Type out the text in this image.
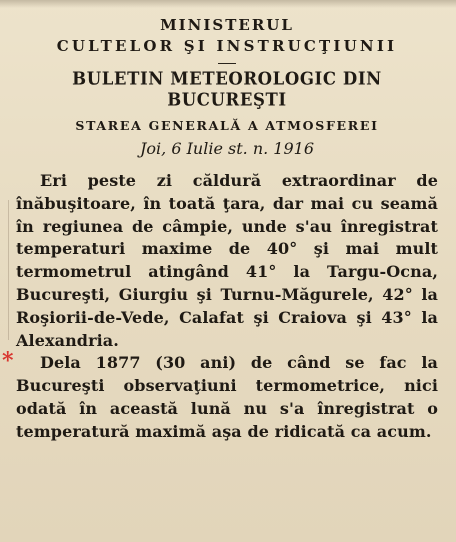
MINISTERUL
CULTELOR ŞI INSTRUCŢIUNII
BULETIN METEOROLOGIC DIN BUCUREŞTI
STAREA GENERALĂ A ATMOSFEREI
Joi, 6 Iulie st. n. 1916
Eri peste zi căldură extraordinar de înăbuşitoare, în toată ţara, dar mai cu seamă în regiunea de câmpie, unde s'au înregistrat temperaturi maxime de 40° şi mai mult termometrul atingând 41° la Targu-Ocna, Bucureşti, Giurgiu şi Turnu-Măgurele, 42° la Roşiorii-de-Vede, Calafat şi Craiova şi 43° la Alexandria.
* Dela 1877 (30 ani) de când se fac la Bucureşti observaţiuni termometrice, nici odată în această lună nu s'a înregistrat o temperatură maximă aşa de ridicată ca acum.
